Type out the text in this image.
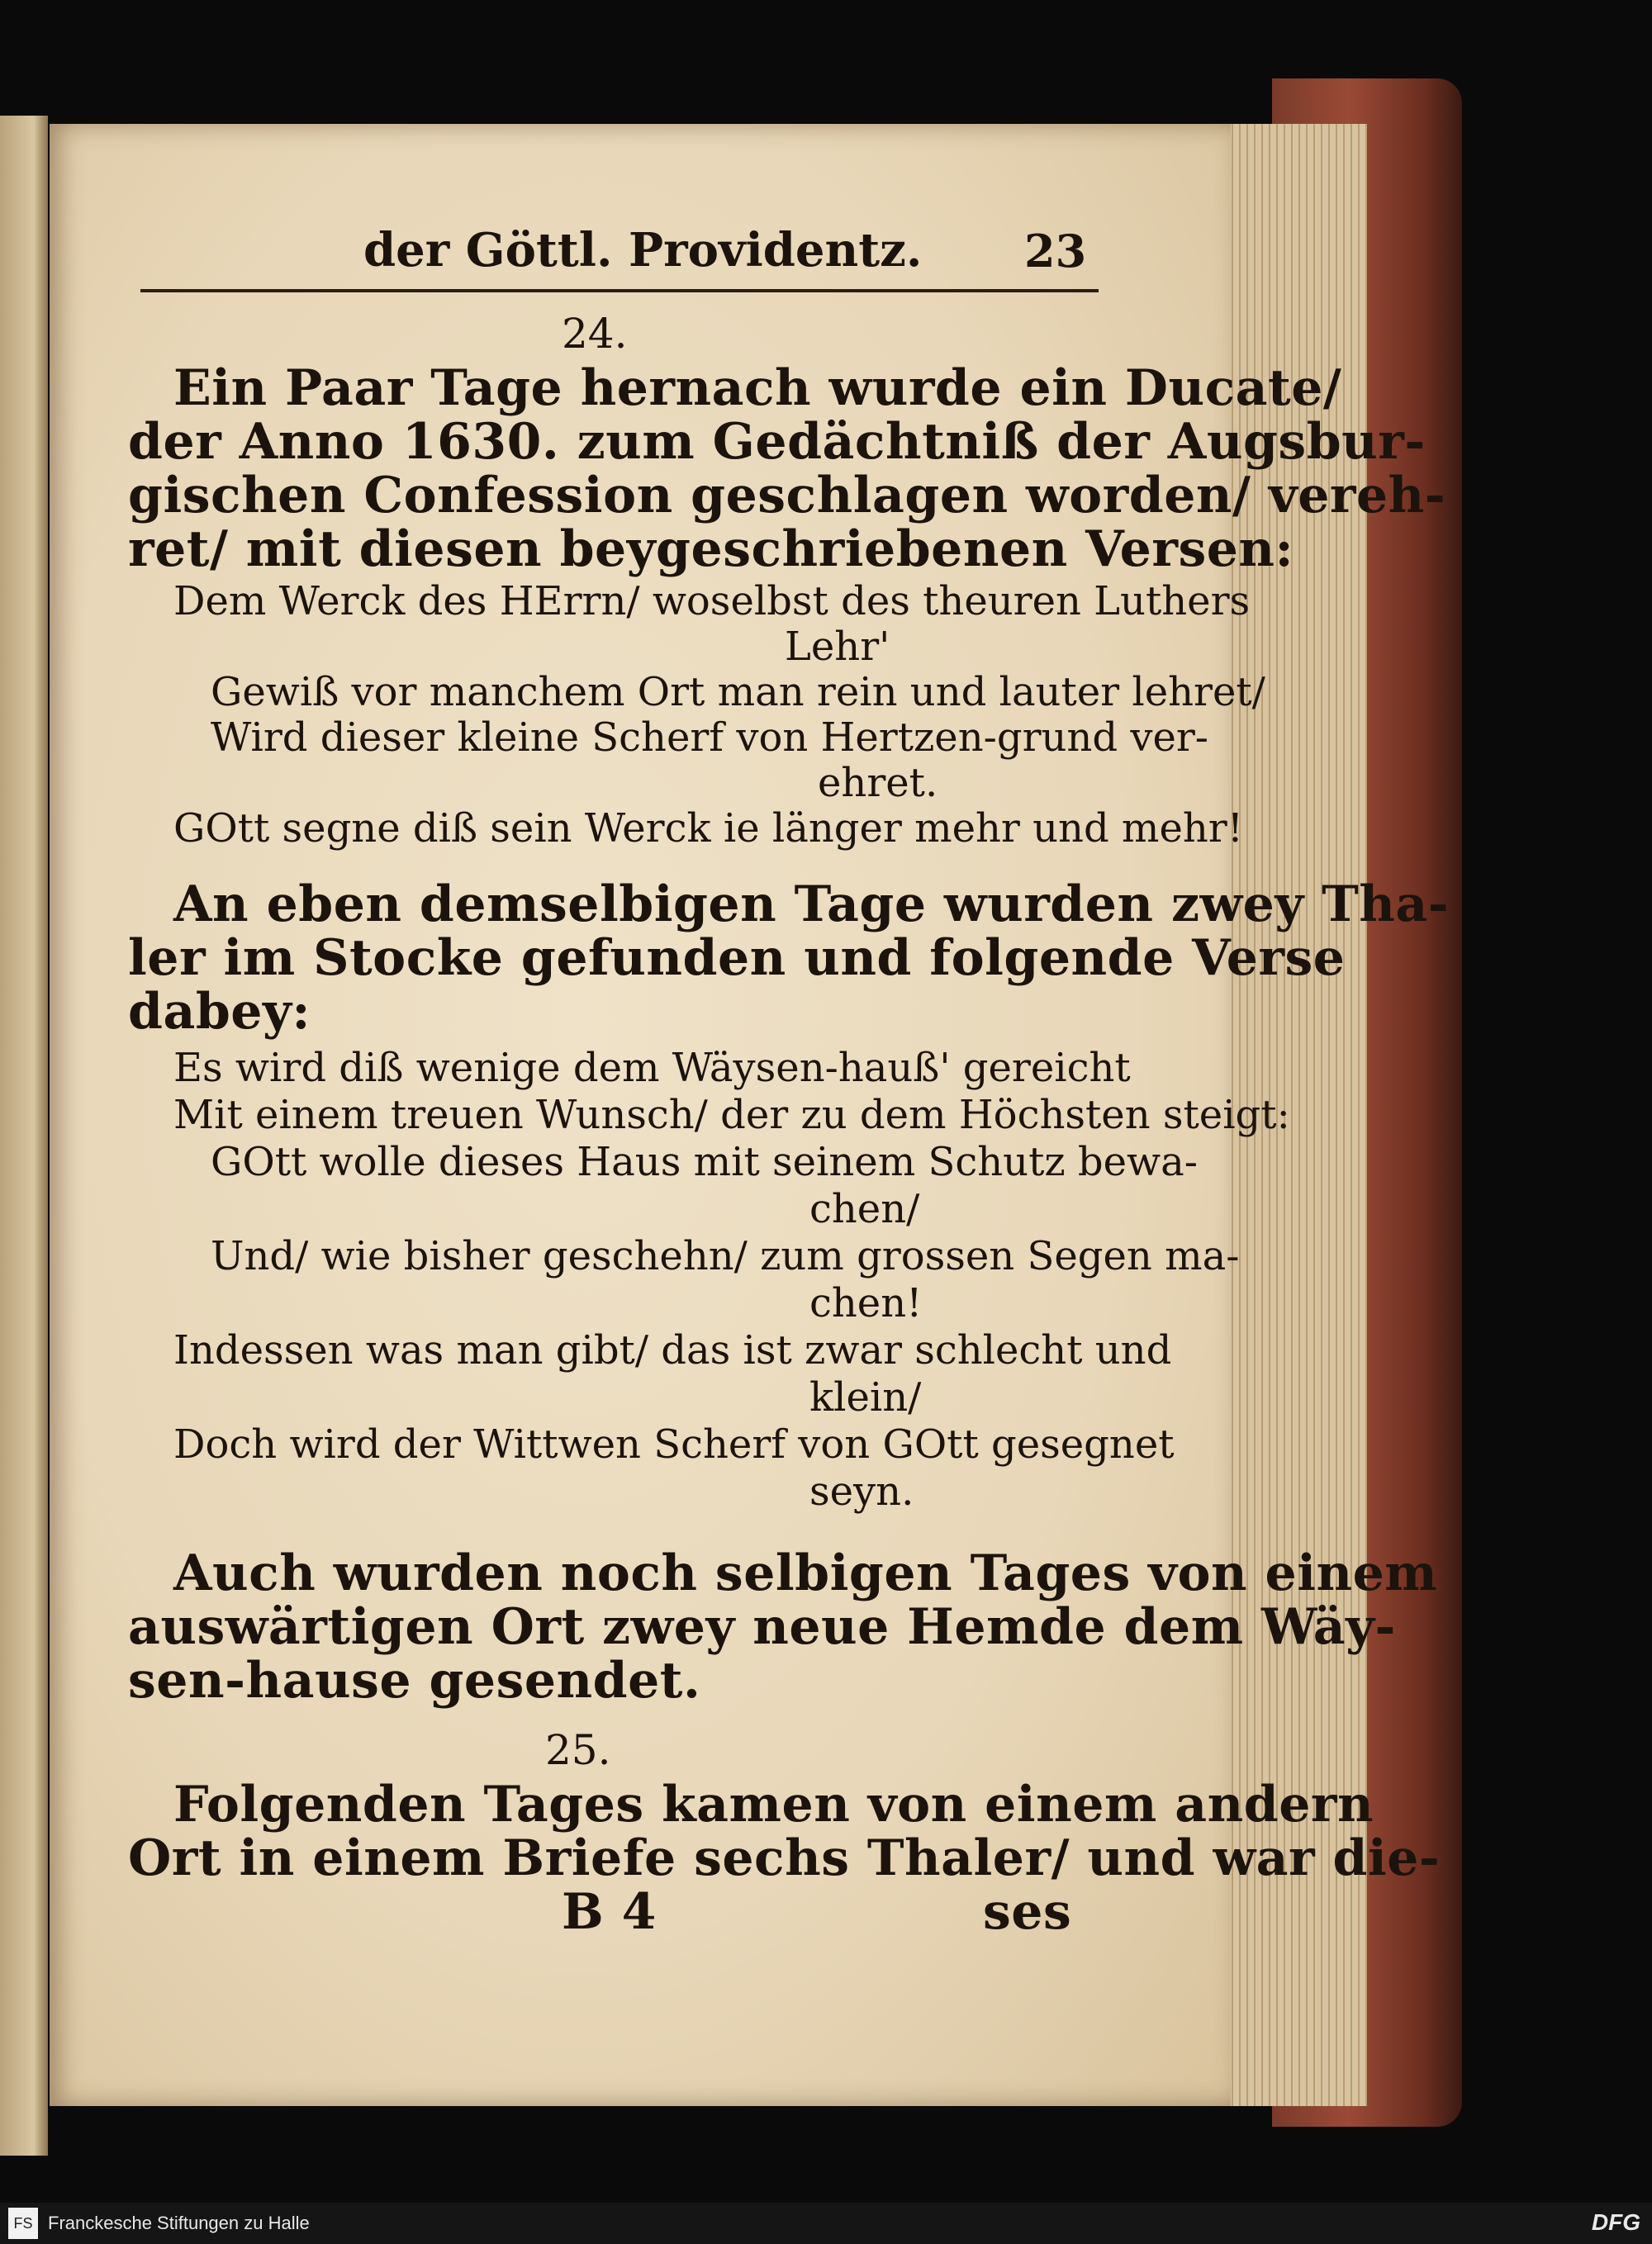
der Göttl. Providentz. 23
24.
Ein Paar Tage hernach wurde ein Ducate/
der Anno 1630. zum Gedächtniß der Augsbur-
gischen Confession geschlagen worden/ vereh-
ret/ mit diesen beygeschriebenen Versen:
Dem Werck des HErrn/ woselbst des theuren Luthers
Lehr'
Gewiß vor manchem Ort man rein und lauter lehret/
Wird dieser kleine Scherf von Hertzen-grund ver-
ehret.
GOtt segne diß sein Werck ie länger mehr und mehr!
An eben demselbigen Tage wurden zwey Tha-
ler im Stocke gefunden und folgende Verse
dabey:
Es wird diß wenige dem Wäysen-hauß' gereicht
Mit einem treuen Wunsch/ der zu dem Höchsten steigt:
GOtt wolle dieses Haus mit seinem Schutz bewa-
chen/
Und/ wie bisher geschehn/ zum grossen Segen ma-
chen!
Indessen was man gibt/ das ist zwar schlecht und
klein/
Doch wird der Wittwen Scherf von GOtt gesegnet
seyn.
Auch wurden noch selbigen Tages von einem
auswärtigen Ort zwey neue Hemde dem Wäy-
sen-hause gesendet.
25.
Folgenden Tages kamen von einem andern
Ort in einem Briefe sechs Thaler/ und war die-
B 4	ses
FS Franckesche Stiftungen zu Halle	DFG
